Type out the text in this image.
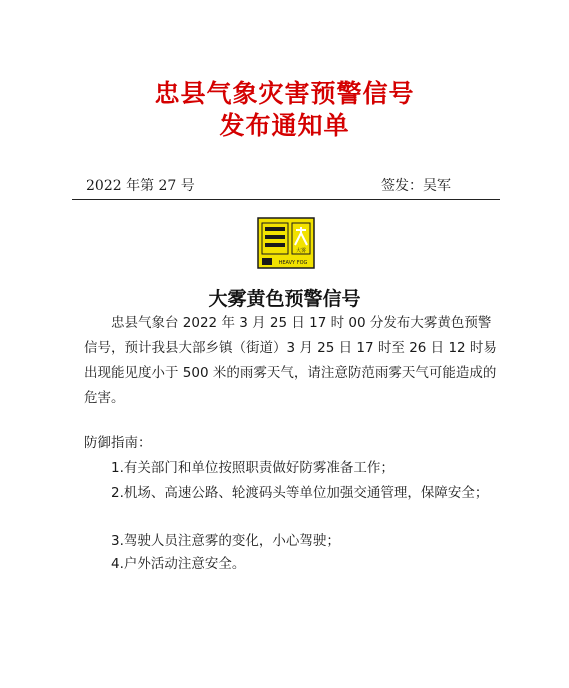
忠县气象灾害预警信号
发布通知单
2022 年第 27 号	签发：吴军
大雾
HEAVY FOG
大雾黄色预警信号
忠县气象台 2022 年 3 月 25 日 17 时 00 分发布大雾黄色预警信号，预计我县大部乡镇（街道）3 月 25 日 17 时至 26 日 12 时易出现能见度小于 500 米的雨雾天气，请注意防范雨雾天气可能造成的危害。
防御指南：
1.有关部门和单位按照职责做好防雾准备工作；
2.机场、高速公路、轮渡码头等单位加强交通管理，保障安全；
3.驾驶人员注意雾的变化，小心驾驶；
4.户外活动注意安全。
